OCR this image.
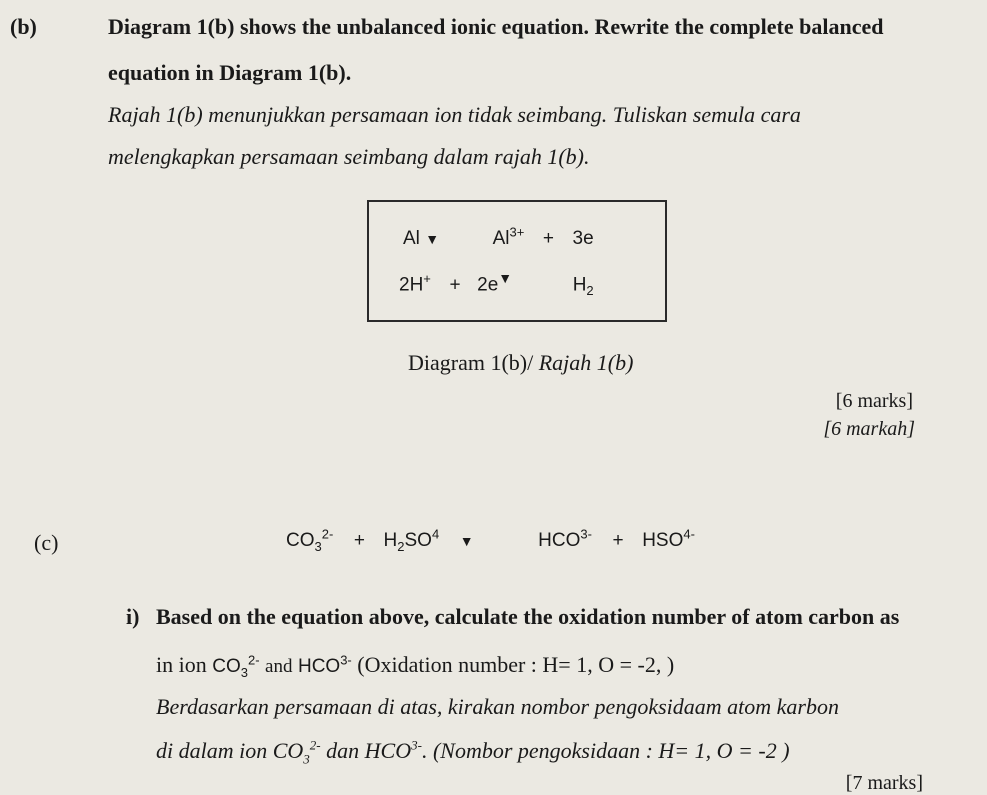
(b)	Diagram 1(b) shows the unbalanced ionic equation. Rewrite the complete balanced
equation in Diagram 1(b).
Rajah 1(b) menunjukkan persamaan ion tidak seimbang. Tuliskan semula cara
melengkapkan persamaan seimbang dalam rajah 1(b).
Al ▼	$Al^{3+} + 3e$
2H+ + 2e▼	$H_2$
Diagram 1(b)/ Rajah 1(b)
[6 marks]
[6 markah]
(c)	$CO_3^{2-} + H_2SO^4$ ▼	$HCO^{3-} + HSO^{4-}$
i) Based on the equation above, calculate the oxidation number of atom carbon as
in ion $CO_3^{2-}$ and $HCO^{3-}$ (Oxidation number : H= 1, O = -2, )
Berdasarkan persamaan di atas, kirakan nombor pengoksidaam atom karbon
di dalam ion $CO_3^{2-}$ dan $HCO^{3-}$. (Nombor pengoksidaan : H= 1, O = -2 )
[7 marks]
